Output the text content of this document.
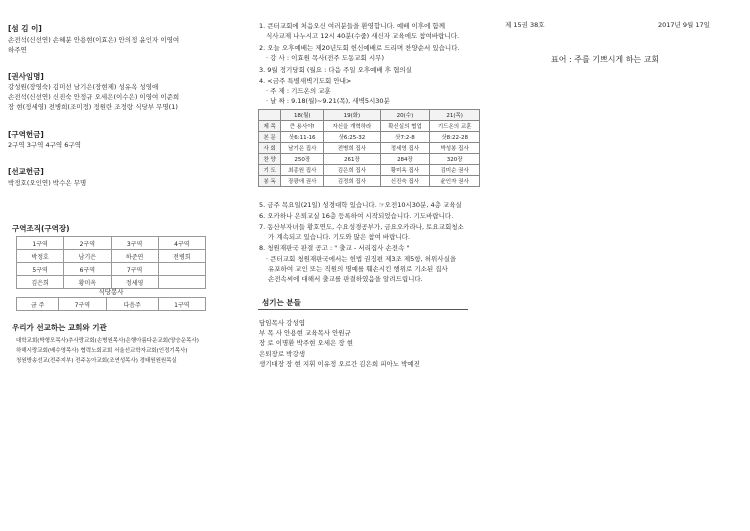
[섬 김 이]
손전석(신선연) 손혜분 안용현(이효은) 안의정 윤인자 이영여
하주연
[권사임명]
강성원(장영숙) 김미선 남기은(장현제) 성유옥 성영애
손전석(신선연) 신진숙 안정규 오세은(이수은) 이영여 이준희
장 현(정세영) 전병희(조미정) 정원란 조정랑 식당부 무명(1)
[구역헌금]
2구역 3구역 4구역 6구역
[선교헌금]
박정호(오인연) 박수은 무명
구역조직(구역장)
1구역	2구역	3구역	4구역
박정호	남기은	하준연	전병희
5구역	6구역	7구역	
김은희	황미옥	정세영	
식당봉사
금 주	7구역	다음주	1구역
우리가 선교하는 교회와 기관
대학교회(박형모목사)추사랑교회(손병원목사)은행아름다운교회(양승운목사)
하해시랑교회(배수영목사) 협력노회교회 서울선교학자교회(인정기목사)
청원방송선교(전주지부) 전주농아교회(조연성목사) 경태원원원목실
1. 큰터교회에 처음오신 여러분들을 환영합니다. 예배 이후에 함께
식사교제 나누시고 12시 40분(수줍) 새신자 교육에도 참여바랍니다.
2. 오늘 오후예배는 제20년도회 헌신예배로 드리며 찬양순서 있습니다.
· 강 사 : 이효원 목사(전주 도동교회 시무)
3. 9월 정기당회 (월요 : 다음 주일 오후예배 후 협의실
4. <금주 특별새벽기도회 안내>
· 주 제 : 기드온의 교훈
· 날 짜 : 9.18(월)~9.21(목), 새벽5시30분
	18(월)	19(화)	20(수)	21(목)
제 목	큰 용사야!	자신을 개혁하라	확신실의 협업	기드온의 교훈
본 문	삿6:11-16	삿6:25-32	삿7:2-8	삿8:22-28
사 회	남기은 집사	전병희 집사	정세영 집사	박성봉 집사
찬 양	250장	261장	284장	320장
기 도	최종원 집사	김은희 집사	황미옥 집사	김미순 권사
봉 독	장광애 권사	김정희 집사	신진숙 집사	윤인자 권사
5. 금주 목요일(21일) 성경대학 있습니다. ☞오전10시30분, 4층 교육실
6. 오카하나 은퇴교실 16층 등록하여 시작되었습니다. 기도바랍니다.
7. 동산부자녀들 황호연도, 수요성경공부가, 금요오카라나, 토요교회청소
가 계속되고 있습니다. 기도와 많은 참여 바랍니다.
8. 청원재판국 판결 공고 : " 출교 - 서리집사 손전속 "
· 큰터교회 청원재판국에서는 헌법 권징편 제3조 제5항, 허위사실을
유포하여 교인 또는 직원의 명예를 훼손시킨 행위로 기소된 집사
손전속씨에 대해서 출교를 판결하였음을 알려드립니다.
섬기는 분들
담임목사 강성엽
부 목 사 안용현 교육목사 안원규
장 로 이명환 박주현 오세은 장 현
은퇴장로 박강생
생기대장 장 현 지휘 이유정 오르간 김은희 피아노 박예진
제 15권 38호	2017년 9월 17일
표어 : 주를 기쁘시게 하는 교회
